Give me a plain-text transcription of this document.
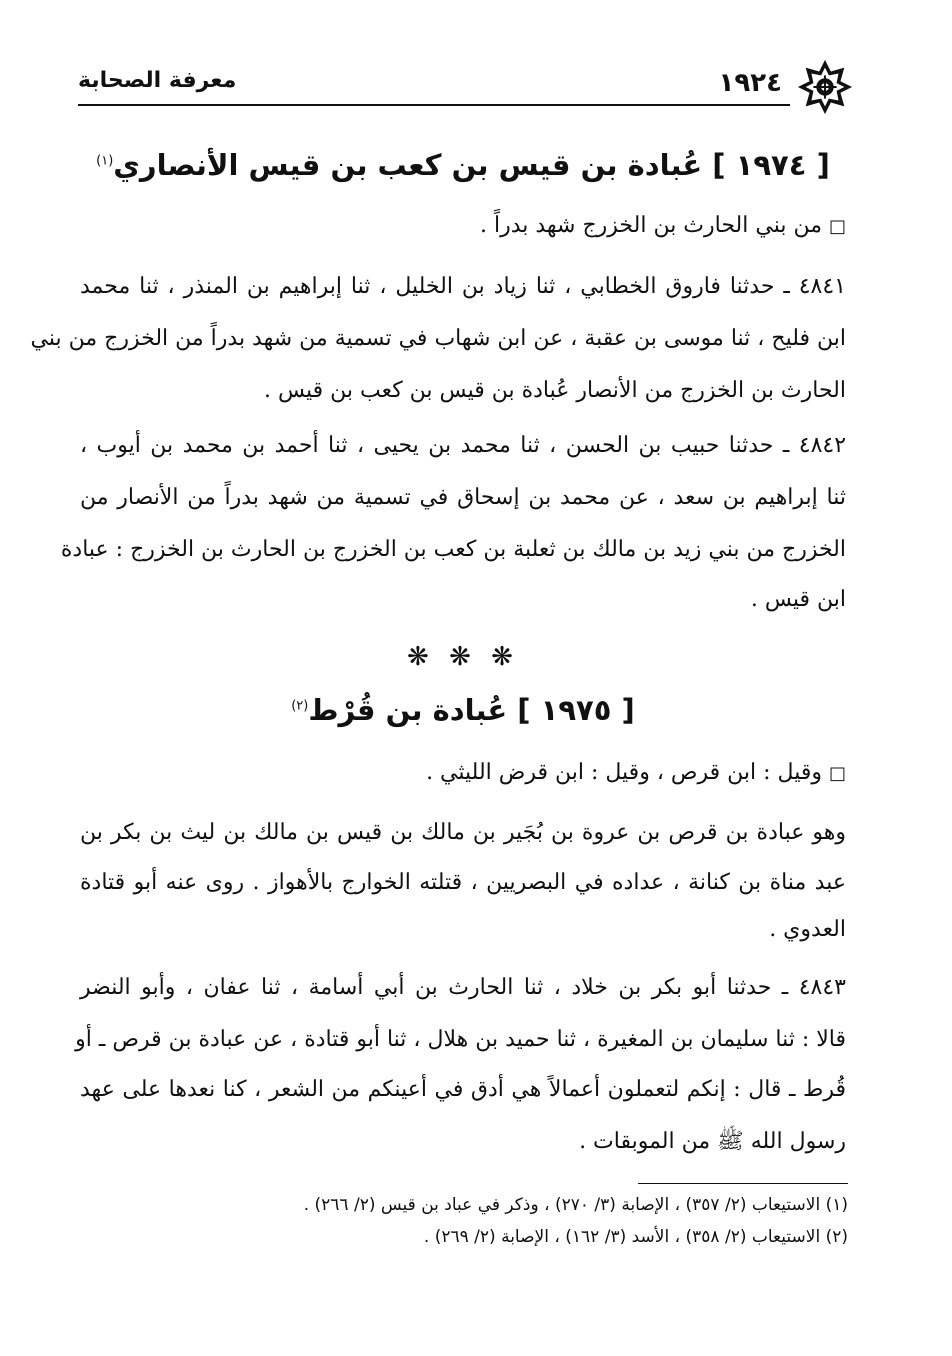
١٩٢٤
معرفة الصحابة
[ ١٩٧٤ ] عُبادة بن قيس بن كعب بن قيس الأنصاري$^{(١)}$
□ من بني الحارث بن الخزرج شهد بدراً .
٤٨٤١ ـ حدثنا فاروق الخطابي ، ثنا زياد بن الخليل ، ثنا إبراهيم بن المنذر ، ثنا محمد
ابن فليح ، ثنا موسى بن عقبة ، عن ابن شهاب في تسمية من شهد بدراً من الخزرج من بني
الحارث بن الخزرج من الأنصار عُبادة بن قيس بن كعب بن قيس .
٤٨٤٢ ـ حدثنا حبيب بن الحسن ، ثنا محمد بن يحيى ، ثنا أحمد بن محمد بن أيوب ،
ثنا إبراهيم بن سعد ، عن محمد بن إسحاق في تسمية من شهد بدراً من الأنصار من
الخزرج من بني زيد بن مالك بن ثعلبة بن كعب بن الخزرج بن الحارث بن الخزرج : عبادة
ابن قيس .
❋ ❋ ❋
[ ١٩٧٥ ] عُبادة بن قُرْط$^{(٢)}$
□ وقيل : ابن قرص ، وقيل : ابن قرض الليثي .
وهو عبادة بن قرص بن عروة بن بُجَير بن مالك بن قيس بن مالك بن ليث بن بكر بن
عبد مناة بن كنانة ، عداده في البصريين ، قتلته الخوارج بالأهواز . روى عنه أبو قتادة
العدوي .
٤٨٤٣ ـ حدثنا أبو بكر بن خلاد ، ثنا الحارث بن أبي أسامة ، ثنا عفان ، وأبو النضر
قالا : ثنا سليمان بن المغيرة ، ثنا حميد بن هلال ، ثنا أبو قتادة ، عن عبادة بن قرص ـ أو
قُرط ـ قال : إنكم لتعملون أعمالاً هي أدق في أعينكم من الشعر ، كنا نعدها على عهد
رسول الله ﷺ من الموبقات .
(١) الاستيعاب (٢/ ٣٥٧) ، الإصابة (٣/ ٢٧٠) ، وذكر في عباد بن قيس (٢/ ٢٦٦) .
(٢) الاستيعاب (٢/ ٣٥٨) ، الأسد (٣/ ١٦٢) ، الإصابة (٢/ ٢٦٩) .
